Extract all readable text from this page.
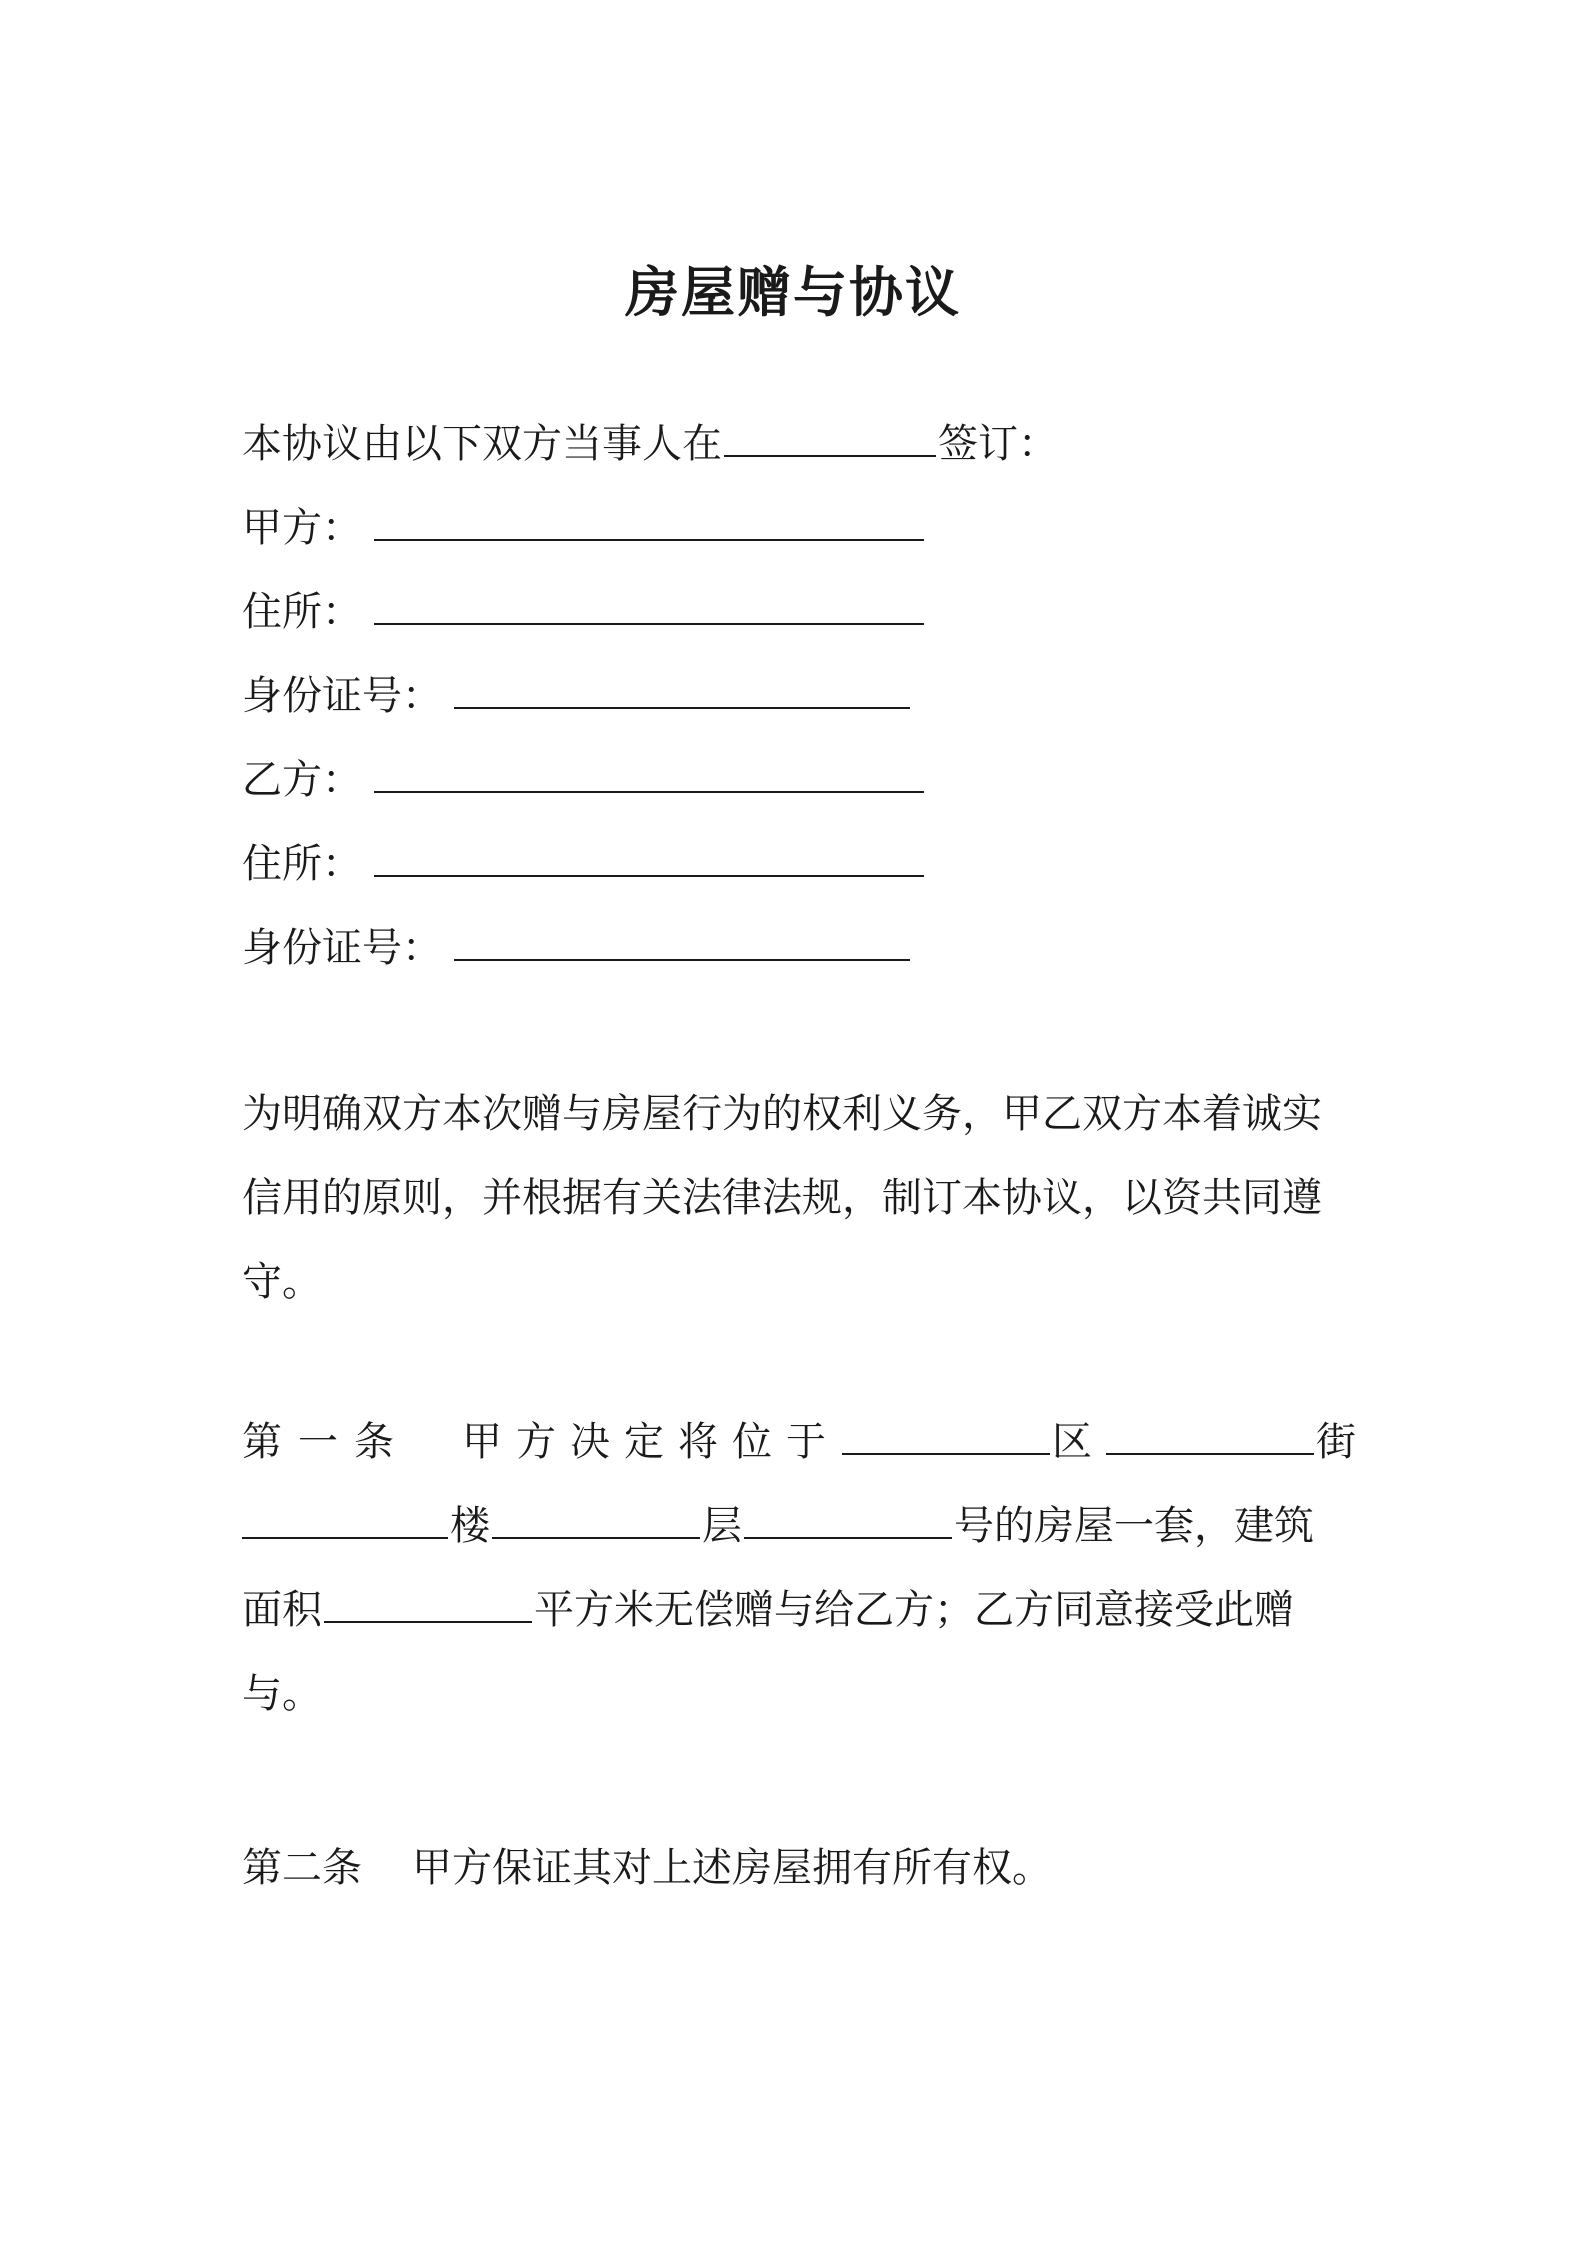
房屋赠与协议
本协议由以下双方当事人在	签订：
甲方：
住所：
身份证号：
乙方：
住所：
身份证号：
为明确双方本次赠与房屋行为的权利义务，甲乙双方本着诚实信用的原则，并根据有关法律法规，制订本协议，以资共同遵守。
第一条 甲方决定将位于	区	街
楼	层	号的房屋一套，建筑
面积	平方米无偿赠与给乙方；乙方同意接受此赠
与。
第二条 甲方保证其对上述房屋拥有所有权。
